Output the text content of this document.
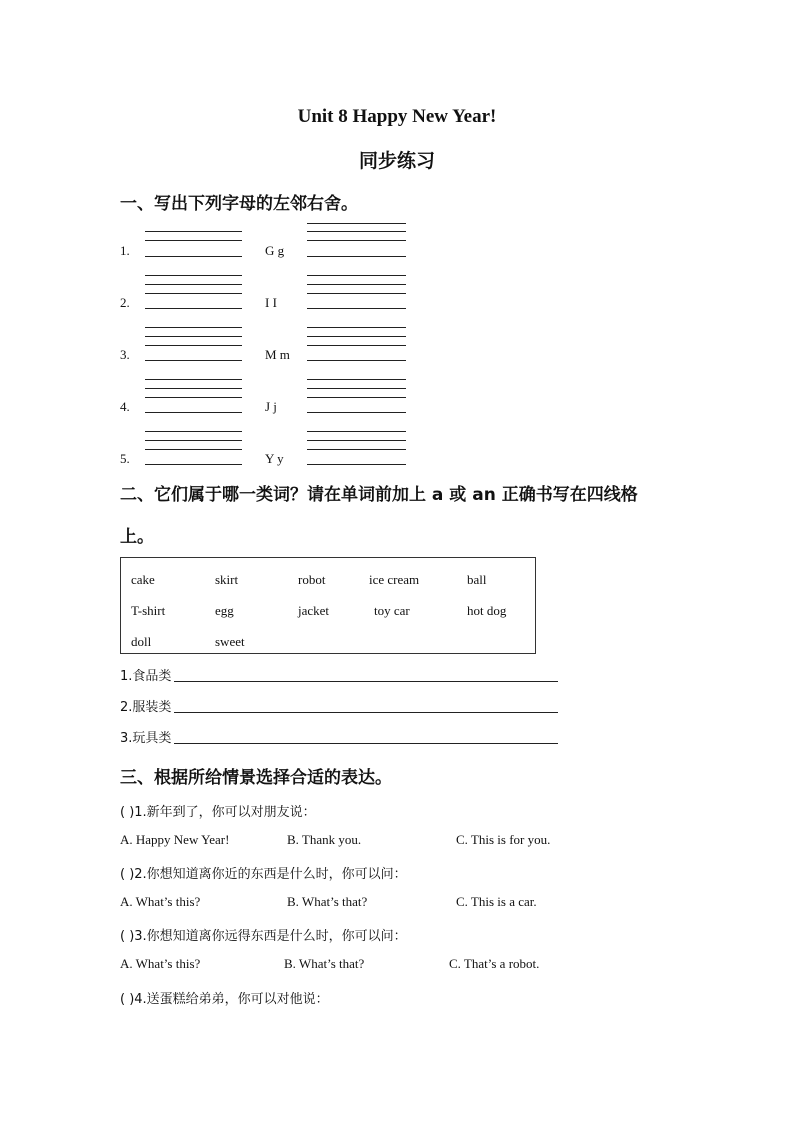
Unit 8 Happy New Year!
同步练习
一、写出下列字母的左邻右舍。
1.	G g
2.	I I
3.	M m
4.	J j
5.	Y y
二、它们属于哪一类词？请在单词前加上 a 或 an 正确书写在四线格
上。
cake	skirt	robot	ice cream	ball
T-shirt	egg	jacket	toy car	hot dog
doll	sweet
1.食品类
2.服装类
3.玩具类
三、根据所给情景选择合适的表达。
( )1.新年到了，你可以对朋友说：
A. Happy New Year!	B. Thank you.	C. This is for you.
( )2.你想知道离你近的东西是什么时，你可以问：
A. What’s this?	B. What’s that?	C. This is a car.
( )3.你想知道离你远得东西是什么时，你可以问：
A. What’s this?	B. What’s that?	C. That’s a robot.
( )4.送蛋糕给弟弟，你可以对他说：
